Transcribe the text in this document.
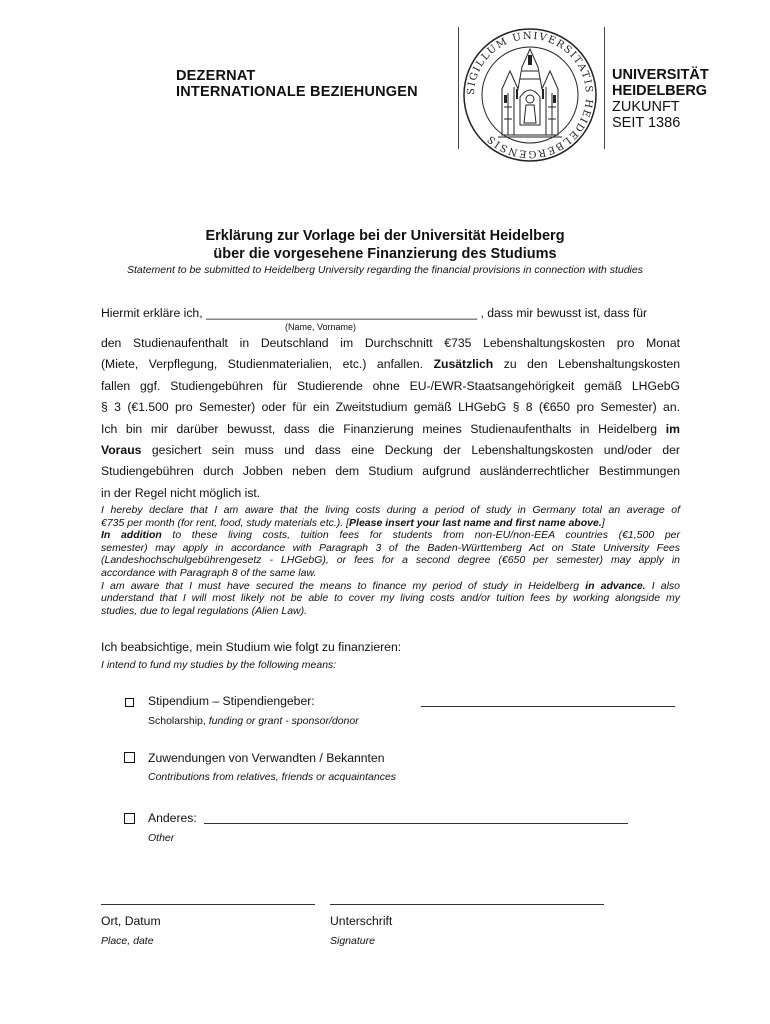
DEZERNAT
INTERNATIONALE BEZIEHUNGEN	SIGILLUM UNIVERSITATIS HEIDELBERGENSIS
UNIVERSITÄT
HEIDELBERG
ZUKUNFT
SEIT 1386
Erklärung zur Vorlage bei der Universität Heidelberg
über die vorgesehene Finanzierung des Studiums
Statement to be submitted to Heidelberg University regarding the financial provisions in connection with studies
Hiermit erkläre ich, ________________________________________ , dass mir bewusst ist, dass für
(Name, Vorname)
den Studienaufenthalt in Deutschland im Durchschnitt €735 Lebenshaltungskosten pro Monat
(Miete, Verpflegung, Studienmaterialien, etc.) anfallen. Zusätzlich zu den Lebenshaltungskosten
fallen ggf. Studiengebühren für Studierende ohne EU-/EWR-Staatsangehörigkeit gemäß LHGebG
§ 3 (€1.500 pro Semester) oder für ein Zweitstudium gemäß LHGebG § 8 (€650 pro Semester) an.
Ich bin mir darüber bewusst, dass die Finanzierung meines Studienaufenthalts in Heidelberg im
Voraus gesichert sein muss und dass eine Deckung der Lebenshaltungskosten und/oder der
Studiengebühren durch Jobben neben dem Studium aufgrund ausländerrechtlicher Bestimmungen
in der Regel nicht möglich ist.
I hereby declare that I am aware that the living costs during a period of study in Germany total an average of
€735 per month (for rent, food, study materials etc.). [Please insert your last name and first name above.]
In addition to these living costs, tuition fees for students from non-EU/non-EEA countries (€1,500 per
semester) may apply in accordance with Paragraph 3 of the Baden-Württemberg Act on State University Fees
(Landeshochschulgebührengesetz - LHGebG), or fees for a second degree (€650 per semester) may apply in
accordance with Paragraph 8 of the same law.
I am aware that I must have secured the means to finance my period of study in Heidelberg in advance. I also
understand that I will most likely not be able to cover my living costs and/or tuition fees by working alongside my
studies, due to legal regulations (Alien Law).
Ich beabsichtige, mein Studium wie folgt zu finanzieren:
I intend to fund my studies by the following means:
Stipendium – Stipendiengeber:
Scholarship, funding or grant - sponsor/donor
Zuwendungen von Verwandten / Bekannten
Contributions from relatives, friends or acquaintances
Anderes:
Other
Ort, Datum
Place, date
Unterschrift
Signature
